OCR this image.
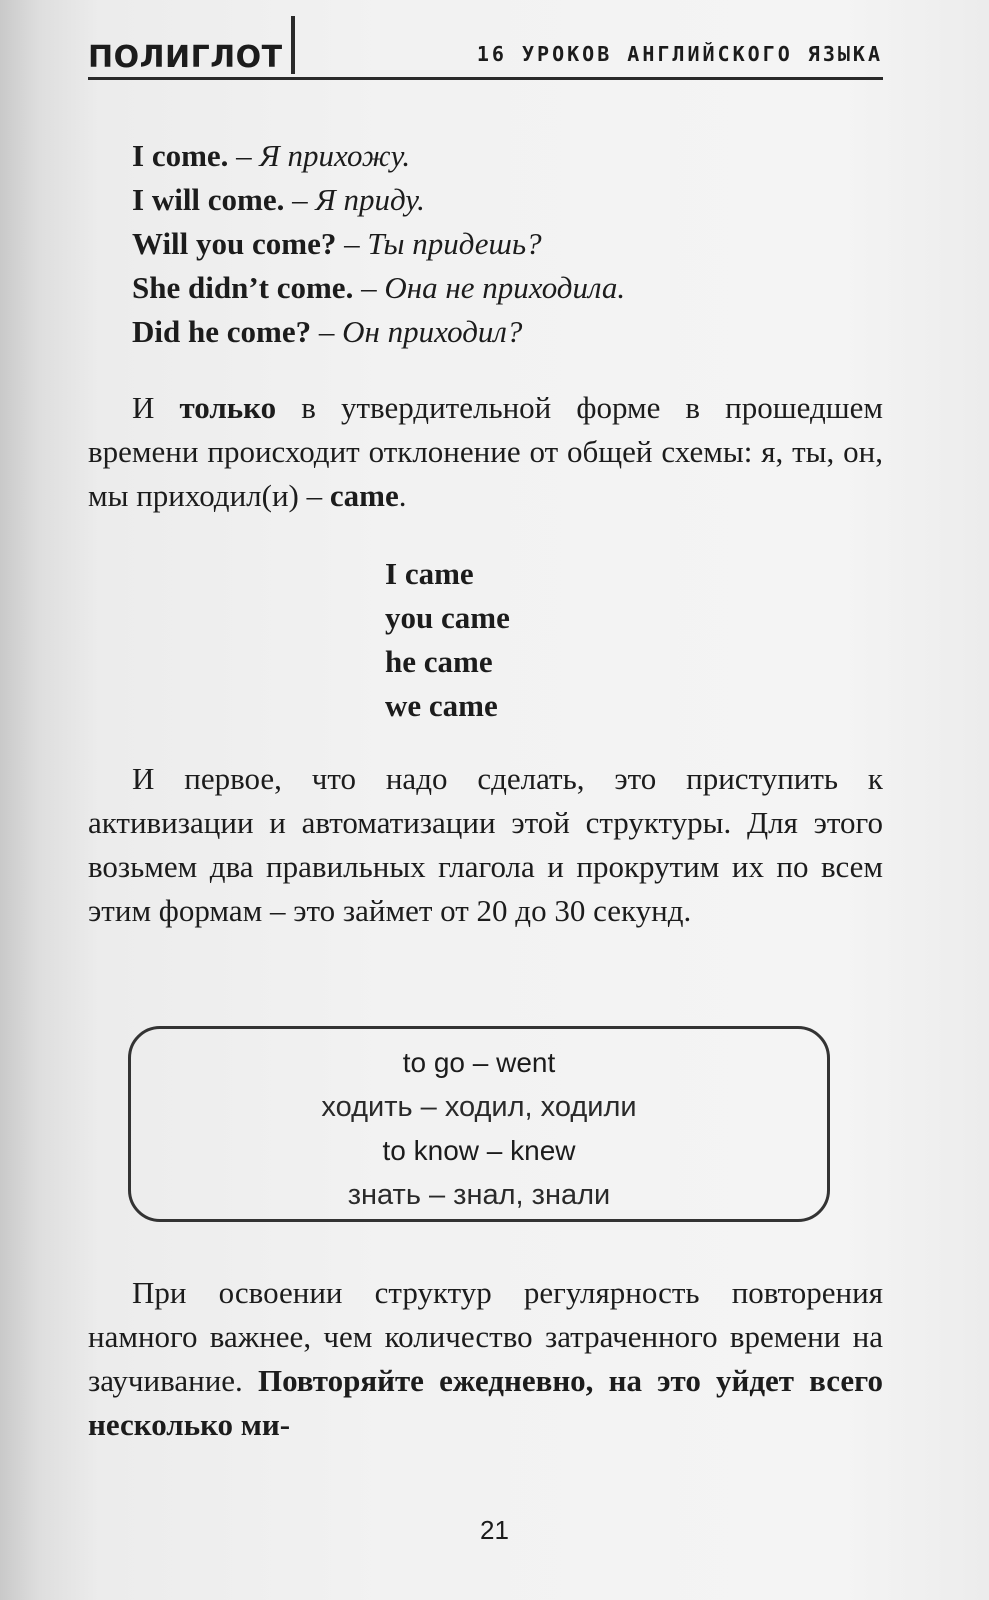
ПОЛИГЛОТ	16 УРОКОВ АНГЛИЙСКОГО ЯЗЫКА
I come. – Я прихожу.
I will come. – Я приду.
Will you come? – Ты придешь?
She didn’t come. – Она не приходила.
Did he come? – Он приходил?
И только в утвердительной форме в прошедшем времени происходит отклонение от общей схемы: я, ты, он, мы приходил(и) – came.
I came
you came
he came
we came
И первое, что надо сделать, это приступить к активизации и автоматизации этой структуры. Для этого возьмем два правильных глагола и прокрутим их по всем этим формам – это займет от 20 до 30 секунд.
to go – went
ходить – ходил, ходили
to know – knew
знать – знал, знали
При освоении структур регулярность повторения намного важнее, чем количество затраченного времени на заучивание. Повторяйте ежедневно, на это уйдет всего несколько ми-
21
